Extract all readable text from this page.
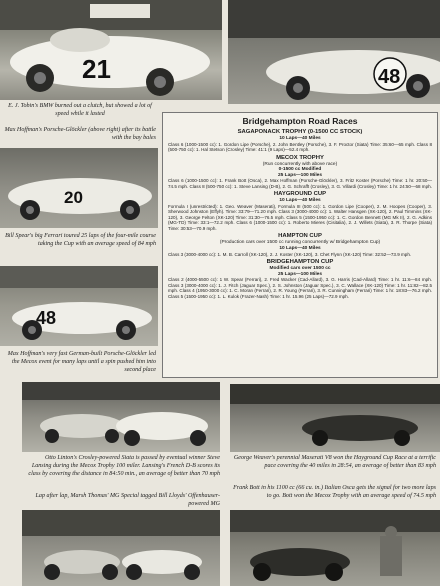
21	48
E. J. Tobin's BMW burned out a clutch, but showed a lot of speed while it lasted
Max Hoffman's Porsche-Glöckler (above right) after its battle with the bay bales
20
Bill Spear's big Ferrari toured 25 laps of the four-mile course taking the Cup with an average speed of 84 mph
48
Max Hoffman's very fast German-built Porsche-Glöckler led the Mecox event for many laps until a spin pushed him into second place
Bridgehampton Road Races
SAGAPONACK TROPHY (0-1500 CC STOCK)
10 Laps—40 Miles

Class 6 (1000-1500 cc): 1. Gordon Lipe (Porsche), 2. John Bentley (Porsche), 3. F. Proctor (Siata) Time: 35:60—65 mph. Class 8 (500-750 cc): 1. Hal Stetson (Crosley) Time: 41:1 (9 Laps)—52.4 mph.

MECOX TROPHY
(Run concurrently with above race)
0-1500 cc Modified
25 Laps—100 Miles

Class 6 (1000-1500 cc): 1. Frank Bott (Osca), 2. Max Hoffman (Porsche-Glöckler), 3. Fritz Koster (Porsche) Time: 1 hr. 20:50—74.5 mph. Class 8 (500-750 cc): 1. Steve Lansing (D-B), 2. G. Schrafft (Crosley), 3. G. Villardi (Crosley) Time: 1 hr. 24:50—68 mph.

HAYGROUND CUP
10 Laps—40 Miles

Formula I (unrestricted): 1. Geo. Weaver (Maserati), Formula III (500 cc): 1. Gordon Lipe (Cooper), 2. M. Hoopes (Cooper), 3. Sherwood Johnston (Effyh). Time: 33:79—71.20 mph. Class 3 (3000-4000 cc): 1. Walter Hansgen (XK-120), 2. Paul Timmins (XK-120), 3. George Felton (XK-120) Time: 31:30—76.5 mph. Class 5 (1500-1950 cc): 1. C. Gordon Bennett (MG Mk II), 2. G. Adkins (MG-TD) Time: 33:1—72.2 mph. Class 6 (1000-1500 cc): 1. Roberto Mieres (Cisitalia), 2. J. Willets (Siata), 3. R. Thorpe (Siata) Time: 30:53—70.9 mph.

HAMPTON CUP
(Production cars over 1500 cc running concurrently w/ Bridgehampton Cup)
10 Laps—40 Miles

Class 3 (3000-4000 cc): 1. M. B. Carroll (XK-120), 2. J. Koster (XK-120), 3. Chet Flynn (XK-120) Time: 32:52—73.9 mph.

BRIDGEHAMPTON CUP
Modified cars over 1500 cc
25 Laps—100 Miles

Class 2 (4000-5500 cc): 1 W. Spear (Ferrari), 2. Fred Wacker (Cad-Allard), 3. G. Harris (Cad-Allard) Time: 1 hr. 11:6—84 mph. Class 3 (3000-4000 cc): 1. J. Fitch (Jaguar Spec.), 2. S. Johnston (Jaguar Spec.), 3. C. Wallace (XK-120) Time: 1 hr. 11:82—82.5 mph. Class 4 (1950-3000 cc): 1. C. Moran (Ferrari), 2. R. Young (Ferrari), 3. R. Cunningham (Ferrari) Time: 1 hr. 18:83—76.2 mph. Class 5 (1500-1950 cc): 1. L. Kulok (Frazer-Nash) Time: 1 hr. 15.96 (25 Laps)—72.9 mph.

Otto Linton's Crosley-powered Siata is passed by eventual winner Steve Lansing during the Mecox Trophy 100 miler. Lansing's French D-B scores its class by covering the distance in 84:50 min., an average of better than 70 mph
George Weaver's perennial Maserati V8 won the Hayground Cup Race at a terrific pace covering the 40 miles in 28:54, an average of better than 83 mph
Lap after lap, Marsh Thomas' MG Special tagged Bill Lloyds' Offenhauser-powered MG
Frank Bott in his 1100 cc (66 cu. in.) Italian Osca gets the signal for two more laps to go. Bott won the Mecox Trophy with an average speed of 74.5 mph
